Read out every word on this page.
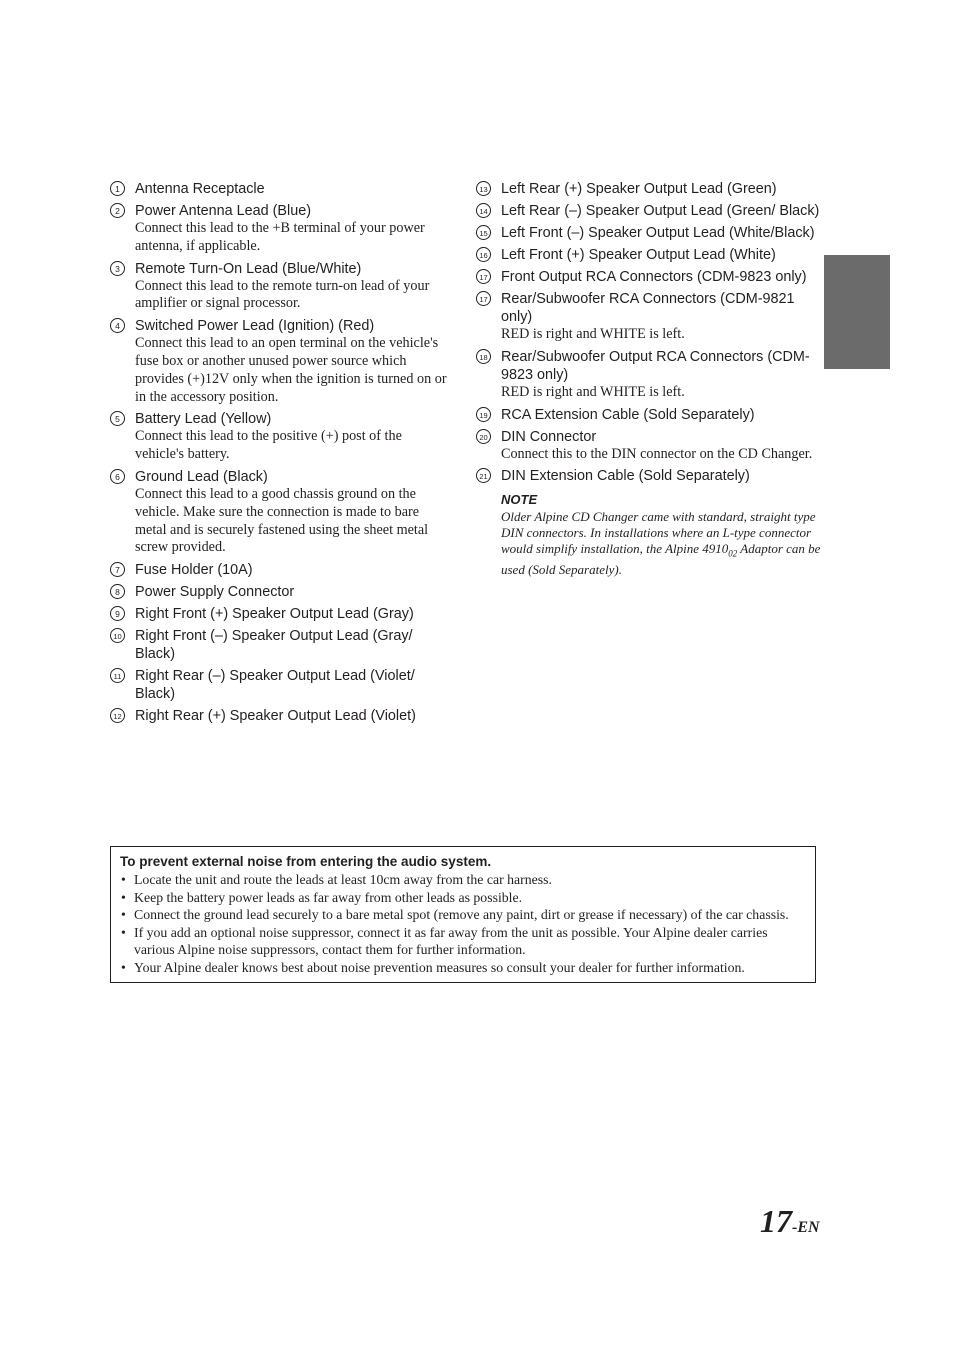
1	Antenna Receptacle
2	Power Antenna Lead (Blue)
Connect this lead to the +B terminal of your power antenna, if applicable.
3	Remote Turn-On Lead (Blue/White)
Connect this lead to the remote turn-on lead of your amplifier or signal processor.
4	Switched Power Lead (Ignition) (Red)
Connect this lead to an open terminal on the vehicle's fuse box or another unused power source which provides (+)12V only when the ignition is turned on or in the accessory position.
5	Battery Lead (Yellow)
Connect this lead to the positive (+) post of the vehicle's battery.
6	Ground Lead (Black)
Connect this lead to a good chassis ground on the vehicle. Make sure the connection is made to bare metal and is securely fastened using the sheet metal screw provided.
7	Fuse Holder (10A)
8	Power Supply Connector
9	Right Front (+) Speaker Output Lead (Gray)
10 Right Front (–) Speaker Output Lead (Gray/ Black)
11 Right Rear (–) Speaker Output Lead (Violet/ Black)
12 Right Rear (+) Speaker Output Lead (Violet)
13 Left Rear (+) Speaker Output Lead (Green)
14 Left Rear (–) Speaker Output Lead (Green/ Black)
15 Left Front (–) Speaker Output Lead (White/Black)
16 Left Front (+) Speaker Output Lead (White)
17 Front Output RCA Connectors (CDM-9823 only)
17 Rear/Subwoofer RCA Connectors (CDM-9821 only)
RED is right and WHITE is left.
18 Rear/Subwoofer Output RCA Connectors (CDM-9823 only)
RED is right and WHITE is left.
19 RCA Extension Cable (Sold Separately)
20 DIN Connector
Connect this to the DIN connector on the CD Changer.
21 DIN Extension Cable (Sold Separately)
NOTE
Older Alpine CD Changer came with standard, straight type DIN connectors. In installations where an L-type connector would simplify installation, the Alpine $4910_{02}$ Adaptor can be used (Sold Separately).
To prevent external noise from entering the audio system.
• Locate the unit and route the leads at least 10cm away from the car harness.
• Keep the battery power leads as far away from other leads as possible.
• Connect the ground lead securely to a bare metal spot (remove any paint, dirt or grease if necessary) of the car chassis.
• If you add an optional noise suppressor, connect it as far away from the unit as possible. Your Alpine dealer carries various Alpine noise suppressors, contact them for further information.
• Your Alpine dealer knows best about noise prevention measures so consult your dealer for further information.
17-EN
